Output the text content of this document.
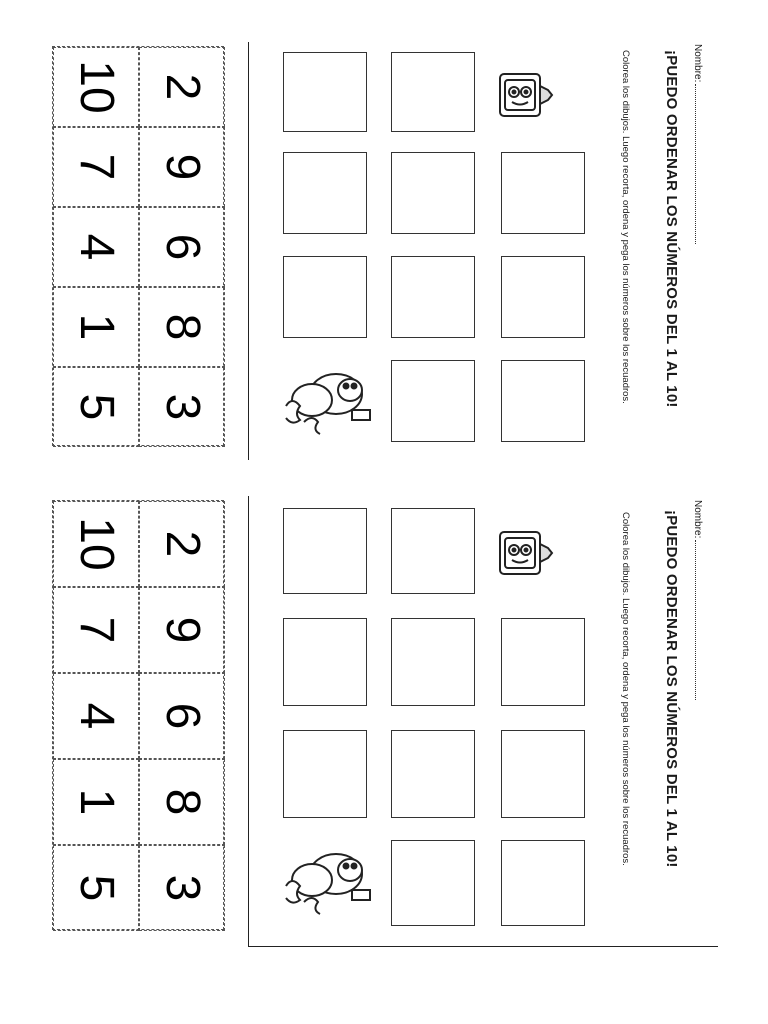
Nombre:
¡PUEDO ORDENAR LOS NÚMEROS DEL 1 AL 10!
Colorea los dibujos. Luego recorta, ordena y pega los números sobre los recuadros.
2
9
6
8
3
10
7
4
1
5
Nombre:
¡PUEDO ORDENAR LOS NÚMEROS DEL 1 AL 10!
Colorea los dibujos. Luego recorta, ordena y pega los números sobre los recuadros.
2
9
6
8
3
10
7
4
1
5
